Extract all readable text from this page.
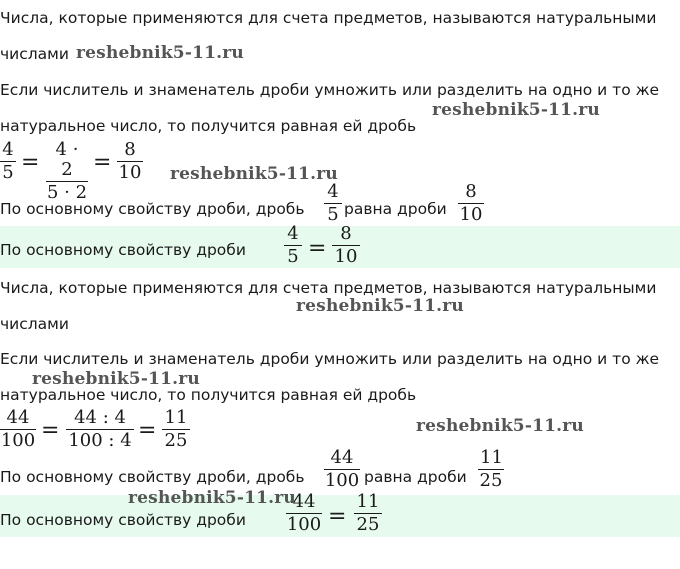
Числа, которые применяются для счета предметов, называются натуральными
числами reshebnik5-11.ru
Если числитель и знаменатель дроби умножить или разделить на одно и то же
reshebnik5-11.ru
натуральное число, то получится равная ей дробь
$\frac{4}{5} = \frac{4 \cdot 2}{5 \cdot 2} = \frac{8}{10}$ reshebnik5-11.ru
По основному свойству дроби, дробь $\frac{4}{5}$ равна дроби $\frac{8}{10}$
По основному свойству дроби $\frac{4}{5} = \frac{8}{10}$
Числа, которые применяются для счета предметов, называются натуральными
reshebnik5-11.ru
числами
Если числитель и знаменатель дроби умножить или разделить на одно и то же
натуральное число, то получится равная ей дробь
reshebnik5-11.ru
$\frac{44}{100} = \frac{44 : 4}{100 : 4} = \frac{11}{25}$	reshebnik5-11.ru
По основному свойству дроби, дробь $\frac{44}{100}$ равна дроби $\frac{11}{25}$
По основному свойству дроби $\frac{44}{100} = \frac{11}{25}$
reshebnik5-11.ru
